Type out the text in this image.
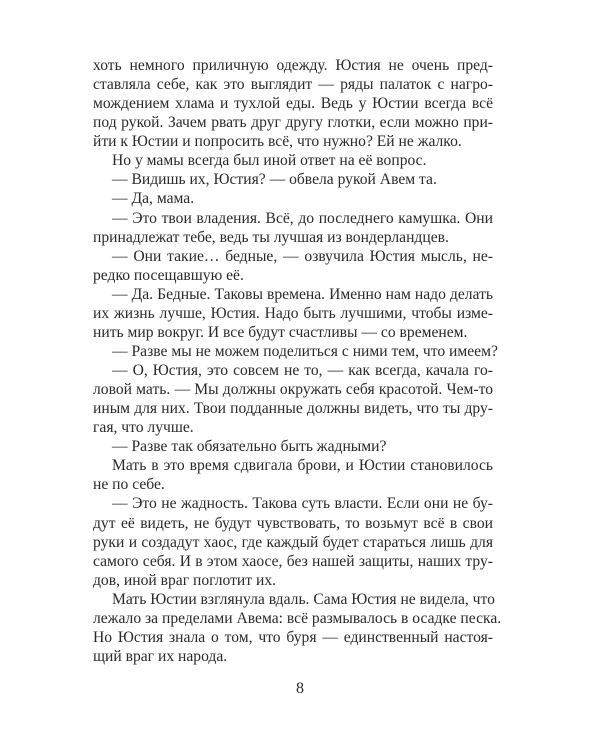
хоть немного приличную одежду. Юстия не очень пред-
ставляла себе, как это выглядит — ряды палаток с нагро-
мождением хлама и тухлой еды. Ведь у Юстии всегда всё
под рукой. Зачем рвать друг другу глотки, если можно при-
йти к Юстии и попросить всё, что нужно? Ей не жалко.
Но у мамы всегда был иной ответ на её вопрос.
— Видишь их, Юстия? — обвела рукой Авем та.
— Да, мама.
— Это твои владения. Всё, до последнего камушка. Они
принадлежат тебе, ведь ты лучшая из вондерландцев.
— Они такие… бедные, — озвучила Юстия мысль, не-
редко посещавшую её.
— Да. Бедные. Таковы времена. Именно нам надо делать
их жизнь лучше, Юстия. Надо быть лучшими, чтобы изме-
нить мир вокруг. И все будут счастливы — со временем.
— Разве мы не можем поделиться с ними тем, что имеем?
— О, Юстия, это совсем не то, — как всегда, качала го-
ловой мать. — Мы должны окружать себя красотой. Чем-то
иным для них. Твои подданные должны видеть, что ты дру-
гая, что лучше.
— Разве так обязательно быть жадными?
Мать в это время сдвигала брови, и Юстии становилось
не по себе.
— Это не жадность. Такова суть власти. Если они не бу-
дут её видеть, не будут чувствовать, то возьмут всё в свои
руки и создадут хаос, где каждый будет стараться лишь для
самого себя. И в этом хаосе, без нашей защиты, наших тру-
дов, иной враг поглотит их.
Мать Юстии взглянула вдаль. Сама Юстия не видела, что
лежало за пределами Авема: всё размывалось в осадке песка.
Но Юстия знала о том, что буря — единственный настоя-
щий враг их народа.
8
